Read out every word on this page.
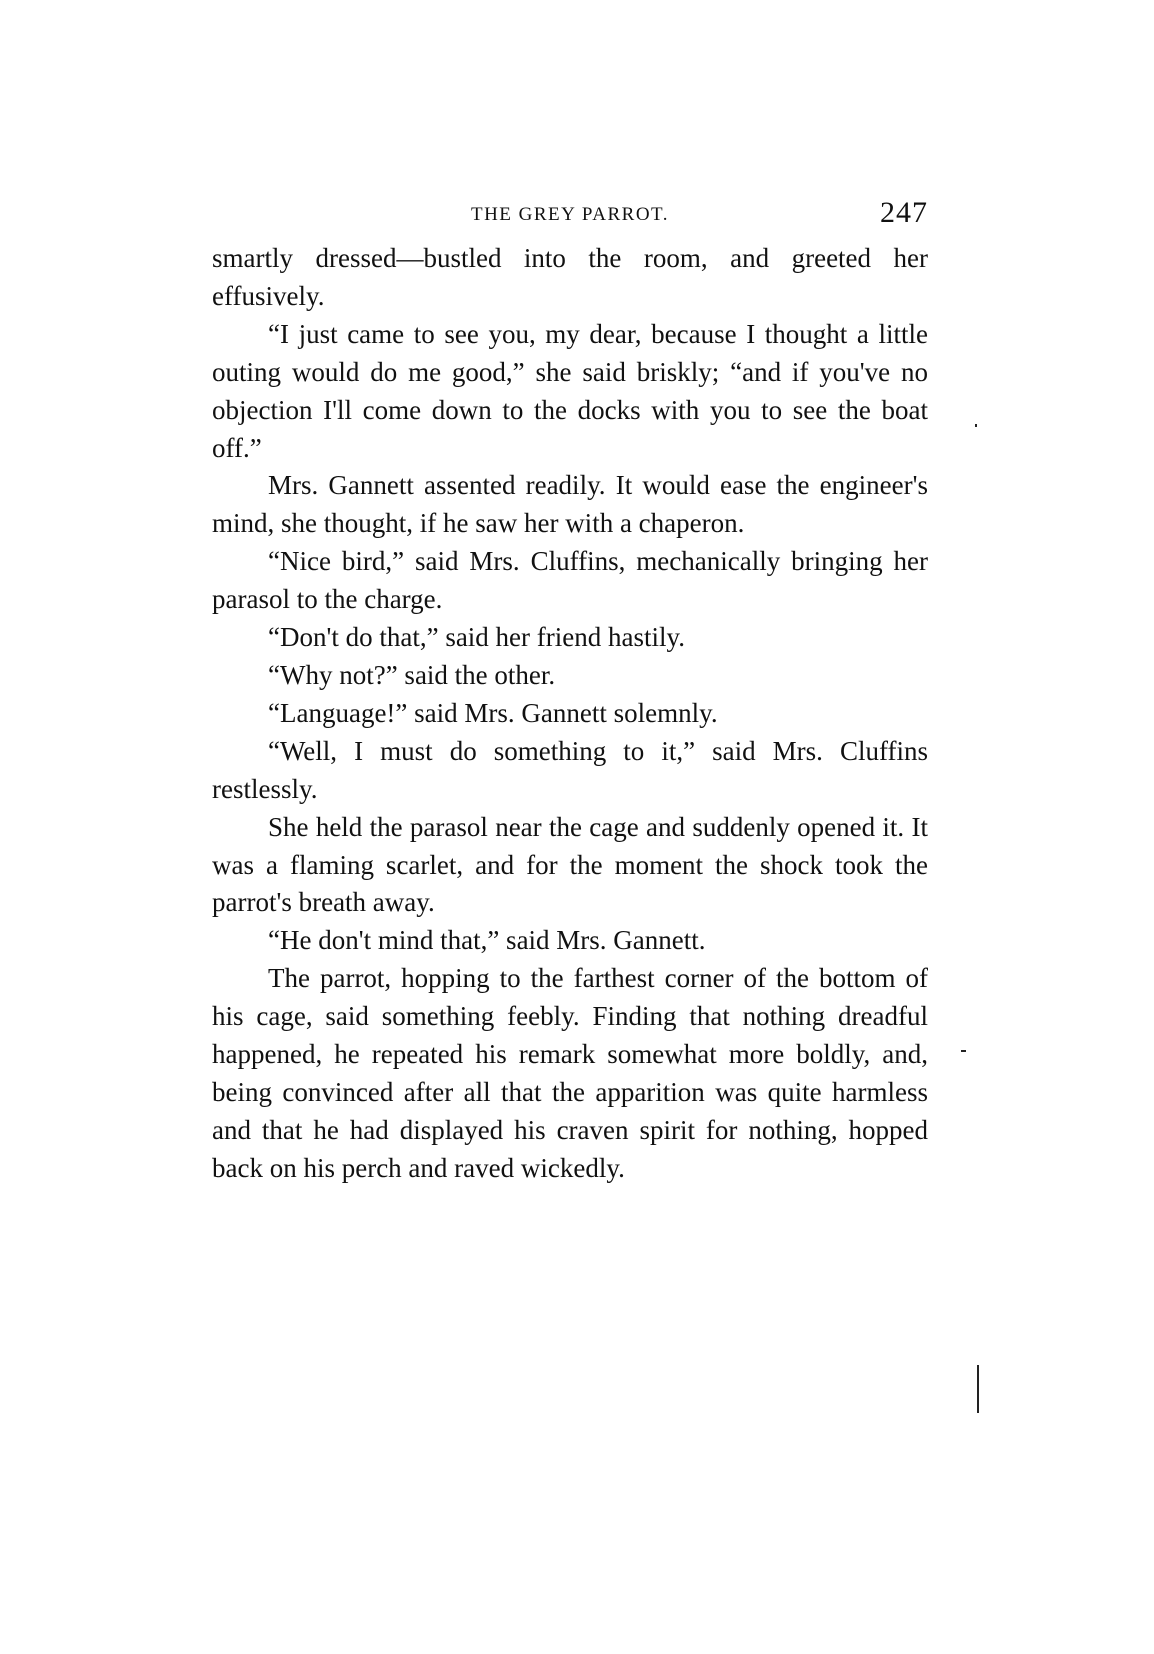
THE GREY PARROT.	247

smartly dressed—bustled into the room, and greeted her effusively.

“I just came to see you, my dear, because I thought a little outing would do me good,” she said briskly; “and if you've no objection I'll come down to the docks with you to see the boat off.”

Mrs. Gannett assented readily. It would ease the engineer's mind, she thought, if he saw her with a chaperon.

“Nice bird,” said Mrs. Cluffins, mechanically bringing her parasol to the charge.

“Don't do that,” said her friend hastily.

“Why not?” said the other.

“Language!” said Mrs. Gannett solemnly.

“Well, I must do something to it,” said Mrs. Cluffins restlessly.

She held the parasol near the cage and suddenly opened it. It was a flaming scarlet, and for the moment the shock took the parrot's breath away.

“He don't mind that,” said Mrs. Gannett.

The parrot, hopping to the farthest corner of the bottom of his cage, said something feebly. Finding that nothing dreadful happened, he repeated his remark somewhat more boldly, and, being convinced after all that the apparition was quite harmless and that he had displayed his craven spirit for nothing, hopped back on his perch and raved wickedly.
